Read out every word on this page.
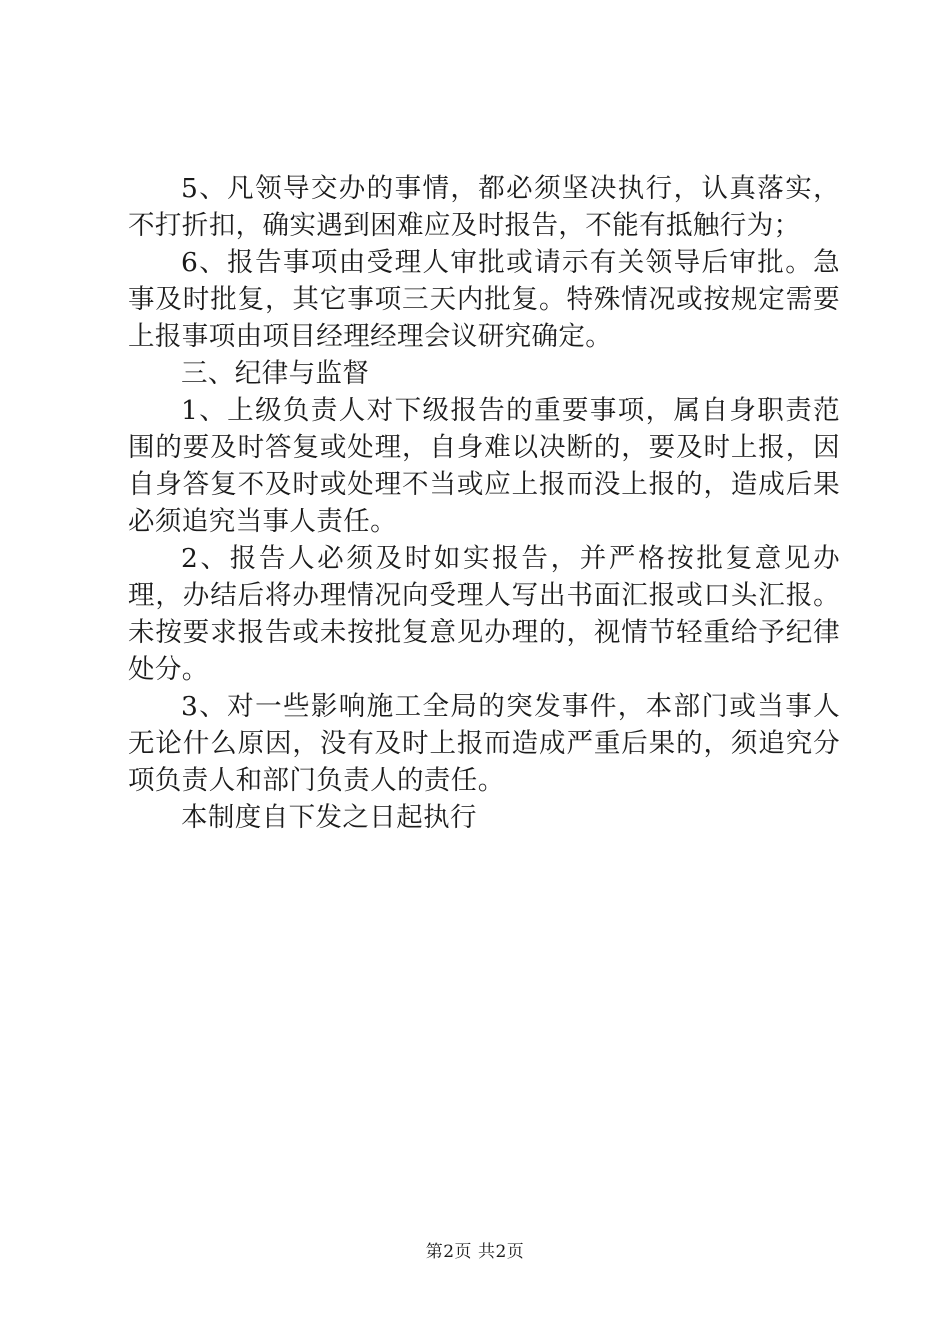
5、凡领导交办的事情，都必须坚决执行，认真落实，不打折扣，确实遇到困难应及时报告，不能有抵触行为；

6、报告事项由受理人审批或请示有关领导后审批。急事及时批复，其它事项三天内批复。特殊情况或按规定需要上报事项由项目经理经理会议研究确定。

三、纪律与监督

1、上级负责人对下级报告的重要事项，属自身职责范围的要及时答复或处理，自身难以决断的，要及时上报，因自身答复不及时或处理不当或应上报而没上报的，造成后果必须追究当事人责任。

2、报告人必须及时如实报告，并严格按批复意见办理，办结后将办理情况向受理人写出书面汇报或口头汇报。未按要求报告或未按批复意见办理的，视情节轻重给予纪律处分。

3、对一些影响施工全局的突发事件，本部门或当事人无论什么原因，没有及时上报而造成严重后果的，须追究分项负责人和部门负责人的责任。

本制度自下发之日起执行

第2页 共2页
